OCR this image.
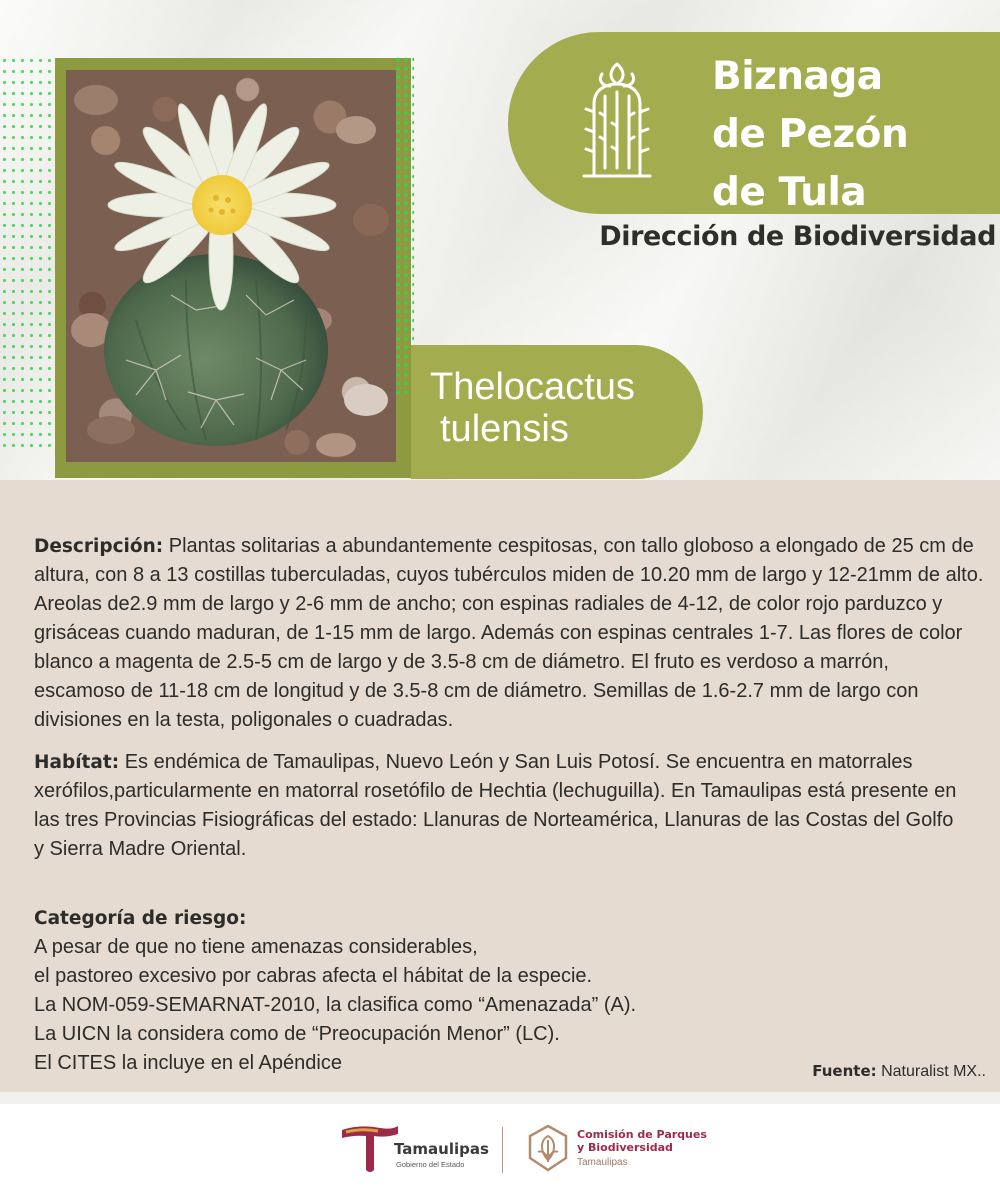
Biznaga
de Pezón
de Tula

Dirección de Biodiversidad

Thelocactus
tulensis

Descripción: Plantas solitarias a abundantemente cespitosas, con tallo globoso a elongado de 25 cm de altura, con 8 a 13 costillas tuberculadas, cuyos tubérculos miden de 10.20 mm de largo y 12-21mm de alto. Areolas de2.9 mm de largo y 2-6 mm de ancho; con espinas radiales de 4-12, de color rojo parduzco y grisáceas cuando maduran, de 1-15 mm de largo. Además con espinas centrales 1-7. Las flores de color blanco a magenta de 2.5-5 cm de largo y de 3.5-8 cm de diámetro. El fruto es verdoso a marrón, escamoso de 11-18 cm de longitud y de 3.5-8 cm de diámetro. Semillas de 1.6-2.7 mm de largo con divisiones en la testa, poligonales o cuadradas.

Habítat: Es endémica de Tamaulipas, Nuevo León y San Luis Potosí. Se encuentra en matorrales xerófilos,particularmente en matorral rosetófilo de Hechtia (lechuguilla). En Tamaulipas está presente en las tres Provincias Fisiográficas del estado: Llanuras de Norteamérica, Llanuras de las Costas del Golfo y Sierra Madre Oriental.

Categoría de riesgo:
A pesar de que no tiene amenazas considerables,
el pastoreo excesivo por cabras afecta el hábitat de la especie.
La NOM-059-SEMARNAT-2010, la clasifica como “Amenazada” (A).
La UICN la considera como de “Preocupación Menor” (LC).
El CITES la incluye en el Apéndice	Fuente: Naturalist MX..

Tamaulipas

Gobierno del Estado

Comisión de Parques
y Biodiversidad

Tamaulipas
